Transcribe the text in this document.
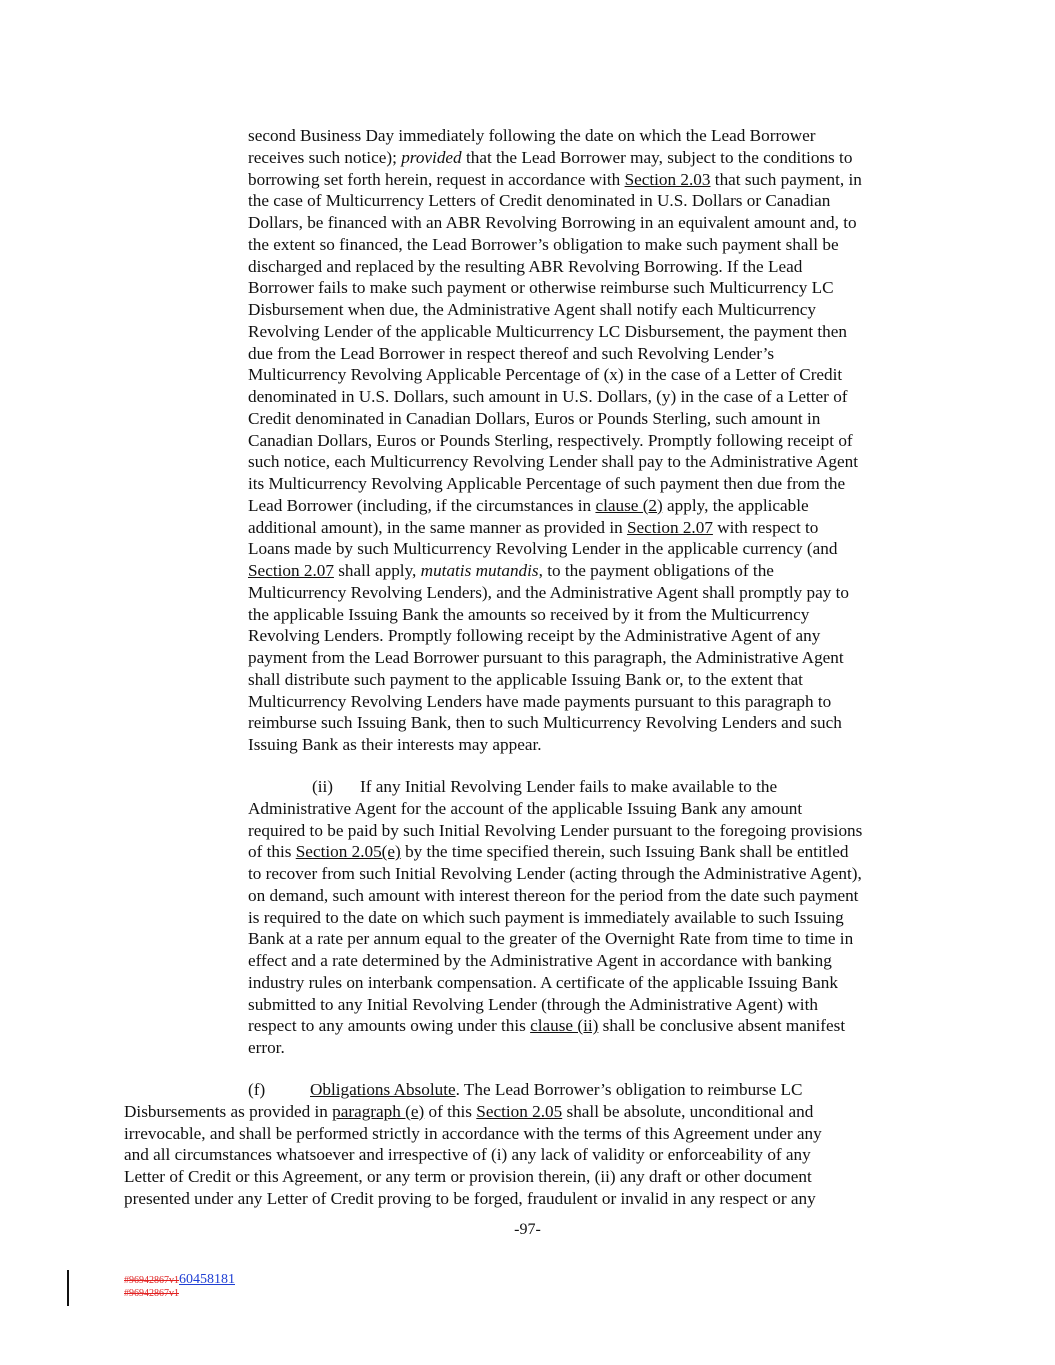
second Business Day immediately following the date on which the Lead Borrower
receives such notice); provided that the Lead Borrower may, subject to the conditions to
borrowing set forth herein, request in accordance with Section 2.03 that such payment, in
the case of Multicurrency Letters of Credit denominated in U.S. Dollars or Canadian
Dollars, be financed with an ABR Revolving Borrowing in an equivalent amount and, to
the extent so financed, the Lead Borrower’s obligation to make such payment shall be
discharged and replaced by the resulting ABR Revolving Borrowing. If the Lead
Borrower fails to make such payment or otherwise reimburse such Multicurrency LC
Disbursement when due, the Administrative Agent shall notify each Multicurrency
Revolving Lender of the applicable Multicurrency LC Disbursement, the payment then
due from the Lead Borrower in respect thereof and such Revolving Lender’s
Multicurrency Revolving Applicable Percentage of (x) in the case of a Letter of Credit
denominated in U.S. Dollars, such amount in U.S. Dollars, (y) in the case of a Letter of
Credit denominated in Canadian Dollars, Euros or Pounds Sterling, such amount in
Canadian Dollars, Euros or Pounds Sterling, respectively. Promptly following receipt of
such notice, each Multicurrency Revolving Lender shall pay to the Administrative Agent
its Multicurrency Revolving Applicable Percentage of such payment then due from the
Lead Borrower (including, if the circumstances in clause (2) apply, the applicable
additional amount), in the same manner as provided in Section 2.07 with respect to
Loans made by such Multicurrency Revolving Lender in the applicable currency (and
Section 2.07 shall apply, mutatis mutandis, to the payment obligations of the
Multicurrency Revolving Lenders), and the Administrative Agent shall promptly pay to
the applicable Issuing Bank the amounts so received by it from the Multicurrency
Revolving Lenders. Promptly following receipt by the Administrative Agent of any
payment from the Lead Borrower pursuant to this paragraph, the Administrative Agent
shall distribute such payment to the applicable Issuing Bank or, to the extent that
Multicurrency Revolving Lenders have made payments pursuant to this paragraph to
reimburse such Issuing Bank, then to such Multicurrency Revolving Lenders and such
Issuing Bank as their interests may appear.
(ii) If any Initial Revolving Lender fails to make available to the
Administrative Agent for the account of the applicable Issuing Bank any amount
required to be paid by such Initial Revolving Lender pursuant to the foregoing provisions
of this Section 2.05(e) by the time specified therein, such Issuing Bank shall be entitled
to recover from such Initial Revolving Lender (acting through the Administrative Agent),
on demand, such amount with interest thereon for the period from the date such payment
is required to the date on which such payment is immediately available to such Issuing
Bank at a rate per annum equal to the greater of the Overnight Rate from time to time in
effect and a rate determined by the Administrative Agent in accordance with banking
industry rules on interbank compensation. A certificate of the applicable Issuing Bank
submitted to any Initial Revolving Lender (through the Administrative Agent) with
respect to any amounts owing under this clause (ii) shall be conclusive absent manifest
error.
(f)	Obligations Absolute. The Lead Borrower’s obligation to reimburse LC
Disbursements as provided in paragraph (e) of this Section 2.05 shall be absolute, unconditional and
irrevocable, and shall be performed strictly in accordance with the terms of this Agreement under any
and all circumstances whatsoever and irrespective of (i) any lack of validity or enforceability of any
Letter of Credit or this Agreement, or any term or provision therein, (ii) any draft or other document
presented under any Letter of Credit proving to be forged, fraudulent or invalid in any respect or any
-97-
#96942867v160458181
#96942867v1
